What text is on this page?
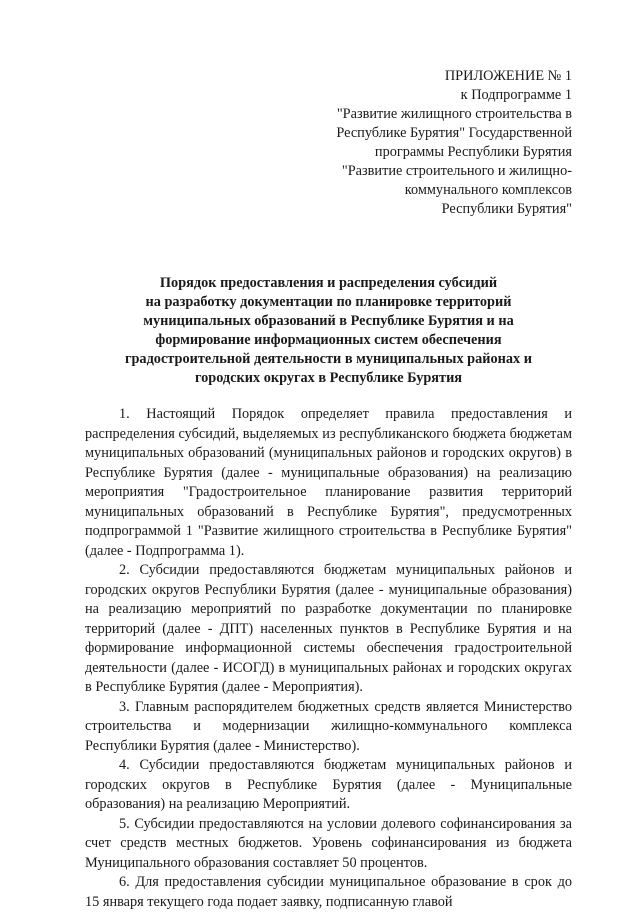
ПРИЛОЖЕНИЕ № 1
к Подпрограмме 1
"Развитие жилищного строительства в
Республике Бурятия" Государственной
программы Республики Бурятия
"Развитие строительного и жилищно-
коммунального комплексов
Республики Бурятия"
Порядок предоставления и распределения субсидий
на разработку документации по планировке территорий
муниципальных образований в Республике Бурятия и на
формирование информационных систем обеспечения
градостроительной деятельности в муниципальных районах и
городских округах в Республике Бурятия

1. Настоящий Порядок определяет правила предоставления и распределения субсидий, выделяемых из республиканского бюджета бюджетам муниципальных образований (муниципальных районов и городских округов) в Республике Бурятия (далее - муниципальные образования) на реализацию мероприятия "Градостроительное планирование развития территорий муниципальных образований в Республике Бурятия", предусмотренных подпрограммой 1 "Развитие жилищного строительства в Республике Бурятия" (далее - Подпрограмма 1).

2. Субсидии предоставляются бюджетам муниципальных районов и городских округов Республики Бурятия (далее - муниципальные образования) на реализацию мероприятий по разработке документации по планировке территорий (далее - ДПТ) населенных пунктов в Республике Бурятия и на формирование информационной системы обеспечения градостроительной деятельности (далее - ИСОГД) в муниципальных районах и городских округах в Республике Бурятия (далее - Мероприятия).

3. Главным распорядителем бюджетных средств является Министерство строительства и модернизации жилищно-коммунального комплекса Республики Бурятия (далее - Министерство).

4. Субсидии предоставляются бюджетам муниципальных районов и городских округов в Республике Бурятия (далее - Муниципальные образования) на реализацию Мероприятий.

5. Субсидии предоставляются на условии долевого софинансирования за счет средств местных бюджетов. Уровень софинансирования из бюджета Муниципального образования составляет 50 процентов.

6. Для предоставления субсидии муниципальное образование в срок до 15 января текущего года подает заявку, подписанную главой
